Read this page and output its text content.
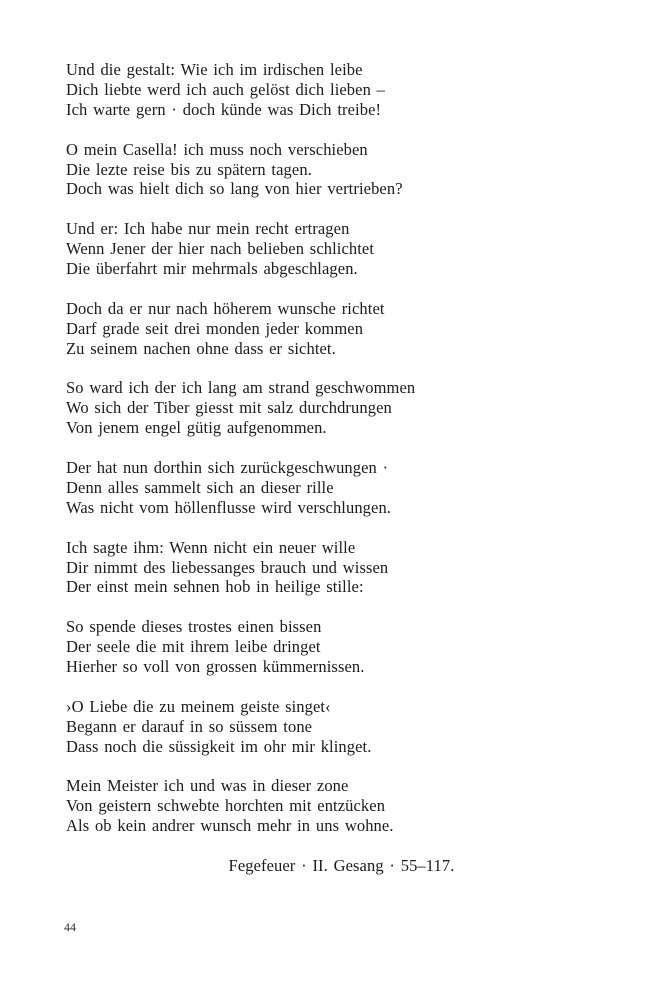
Und die gestalt: Wie ich im irdischen leibe
Dich liebte werd ich auch gelöst dich lieben –
Ich warte gern · doch künde was Dich treibe!
O mein Casella! ich muss noch verschieben
Die lezte reise bis zu spätern tagen.
Doch was hielt dich so lang von hier vertrieben?
Und er: Ich habe nur mein recht ertragen
Wenn Jener der hier nach belieben schlichtet
Die überfahrt mir mehrmals abgeschlagen.
Doch da er nur nach höherem wunsche richtet
Darf grade seit drei monden jeder kommen
Zu seinem nachen ohne dass er sichtet.
So ward ich der ich lang am strand geschwommen
Wo sich der Tiber giesst mit salz durchdrungen
Von jenem engel gütig aufgenommen.
Der hat nun dorthin sich zurückgeschwungen ·
Denn alles sammelt sich an dieser rille
Was nicht vom höllenflusse wird verschlungen.
Ich sagte ihm: Wenn nicht ein neuer wille
Dir nimmt des liebessanges brauch und wissen
Der einst mein sehnen hob in heilige stille:
So spende dieses trostes einen bissen
Der seele die mit ihrem leibe dringet
Hierher so voll von grossen kümmernissen.
›O Liebe die zu meinem geiste singet‹
Begann er darauf in so süssem tone
Dass noch die süssigkeit im ohr mir klinget.
Mein Meister ich und was in dieser zone
Von geistern schwebte horchten mit entzücken
Als ob kein andrer wunsch mehr in uns wohne.
Fegefeuer · II. Gesang · 55–117.
44
